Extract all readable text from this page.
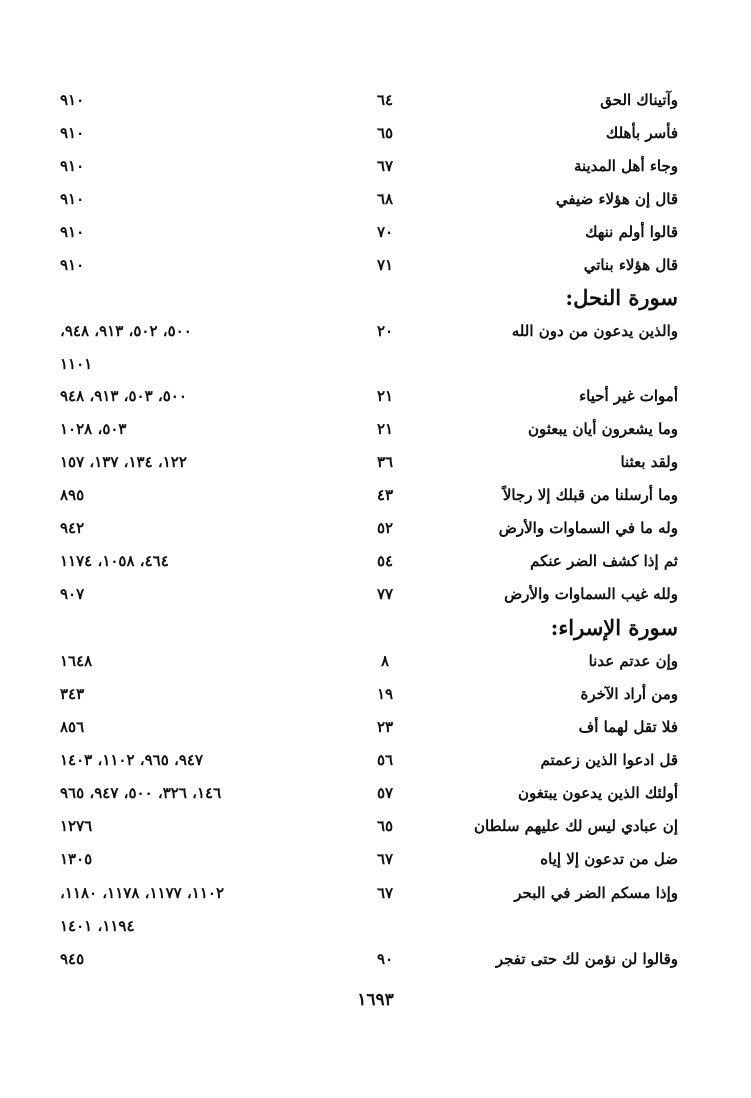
وآتيناك الحق
٦٤
٩١٠
فأسر بأهلك
٦٥
٩١٠
وجاء أهل المدينة
٦٧
٩١٠
قال إن هؤلاء ضيفي
٦٨
٩١٠
قالوا أولم ننهك
٧٠
٩١٠
قال هؤلاء بناتي
٧١
٩١٠
سورة النحل:
والذين يدعون من دون الله
٢٠
٥٠٠، ٥٠٢، ٩١٣، ٩٤٨،
١١٠١
أموات غير أحياء
٢١
٥٠٠، ٥٠٣، ٩١٣، ٩٤٨
وما يشعرون أيان يبعثون
٢١
٥٠٣، ١٠٢٨
ولقد بعثنا
٣٦
١٢٢، ١٣٤، ١٣٧، ١٥٧
وما أرسلنا من قبلك إلا رجالاً
٤٣
٨٩٥
وله ما في السماوات والأرض
٥٢
٩٤٢
ثم إذا كشف الضر عنكم
٥٤
٤٦٤، ١٠٥٨، ١١٧٤
ولله غيب السماوات والأرض
٧٧
٩٠٧
سورة الإسراء:
وإن عدتم عدنا
٨
١٦٤٨
ومن أراد الآخرة
١٩
٣٤٣
فلا تقل لهما أف
٢٣
٨٥٦
قل ادعوا الذين زعمتم
٥٦
٩٤٧، ٩٦٥، ١١٠٢، ١٤٠٣
أولئك الذين يدعون يبتغون
٥٧
١٤٦، ٣٢٦، ٥٠٠، ٩٤٧، ٩٦٥
إن عبادي ليس لك عليهم سلطان
٦٥
١٢٧٦
ضل من تدعون إلا إياه
٦٧
١٣٠٥
وإذا مسكم الضر في البحر
٦٧
١١٠٢، ١١٧٧، ١١٧٨، ١١٨٠،
١١٩٤، ١٤٠١
وقالوا لن نؤمن لك حتى تفجر
٩٠
٩٤٥
١٦٩٣
